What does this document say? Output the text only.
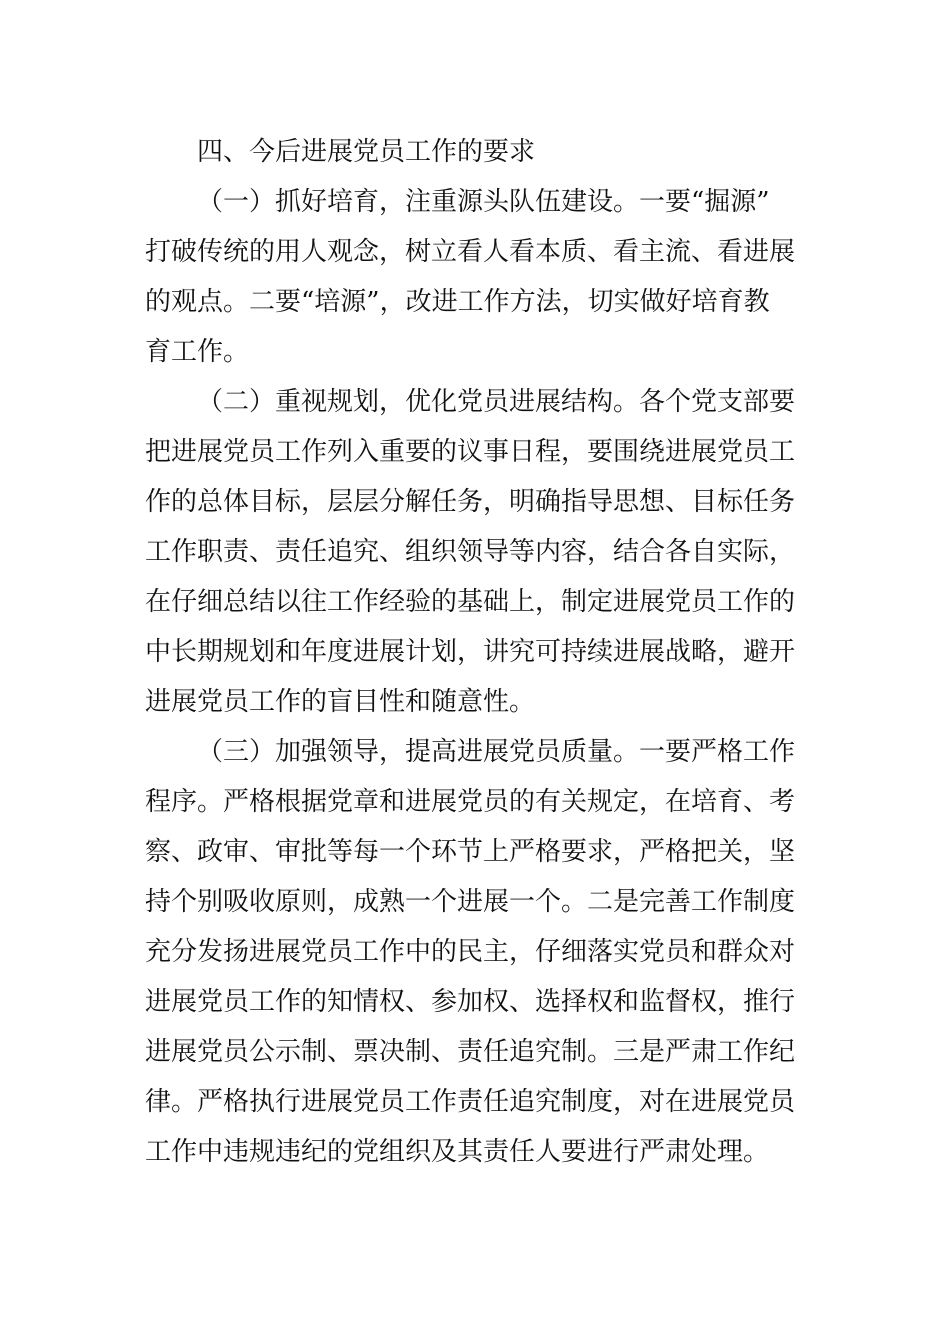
四、今后进展党员工作的要求
（一）抓好培育，注重源头队伍建设。一要“掘源”
打破传统的用人观念，树立看人看本质、看主流、看进展
的观点。二要“培源”，改进工作方法，切实做好培育教
育工作。
（二）重视规划，优化党员进展结构。各个党支部要
把进展党员工作列入重要的议事日程，要围绕进展党员工
作的总体目标，层层分解任务，明确指导思想、目标任务
工作职责、责任追究、组织领导等内容，结合各自实际，
在仔细总结以往工作经验的基础上，制定进展党员工作的
中长期规划和年度进展计划，讲究可持续进展战略，避开
进展党员工作的盲目性和随意性。
（三）加强领导，提高进展党员质量。一要严格工作
程序。严格根据党章和进展党员的有关规定，在培育、考
察、政审、审批等每一个环节上严格要求，严格把关，坚
持个别吸收原则，成熟一个进展一个。二是完善工作制度
充分发扬进展党员工作中的民主，仔细落实党员和群众对
进展党员工作的知情权、参加权、选择权和监督权，推行
进展党员公示制、票决制、责任追究制。三是严肃工作纪
律。严格执行进展党员工作责任追究制度，对在进展党员
工作中违规违纪的党组织及其责任人要进行严肃处理。
